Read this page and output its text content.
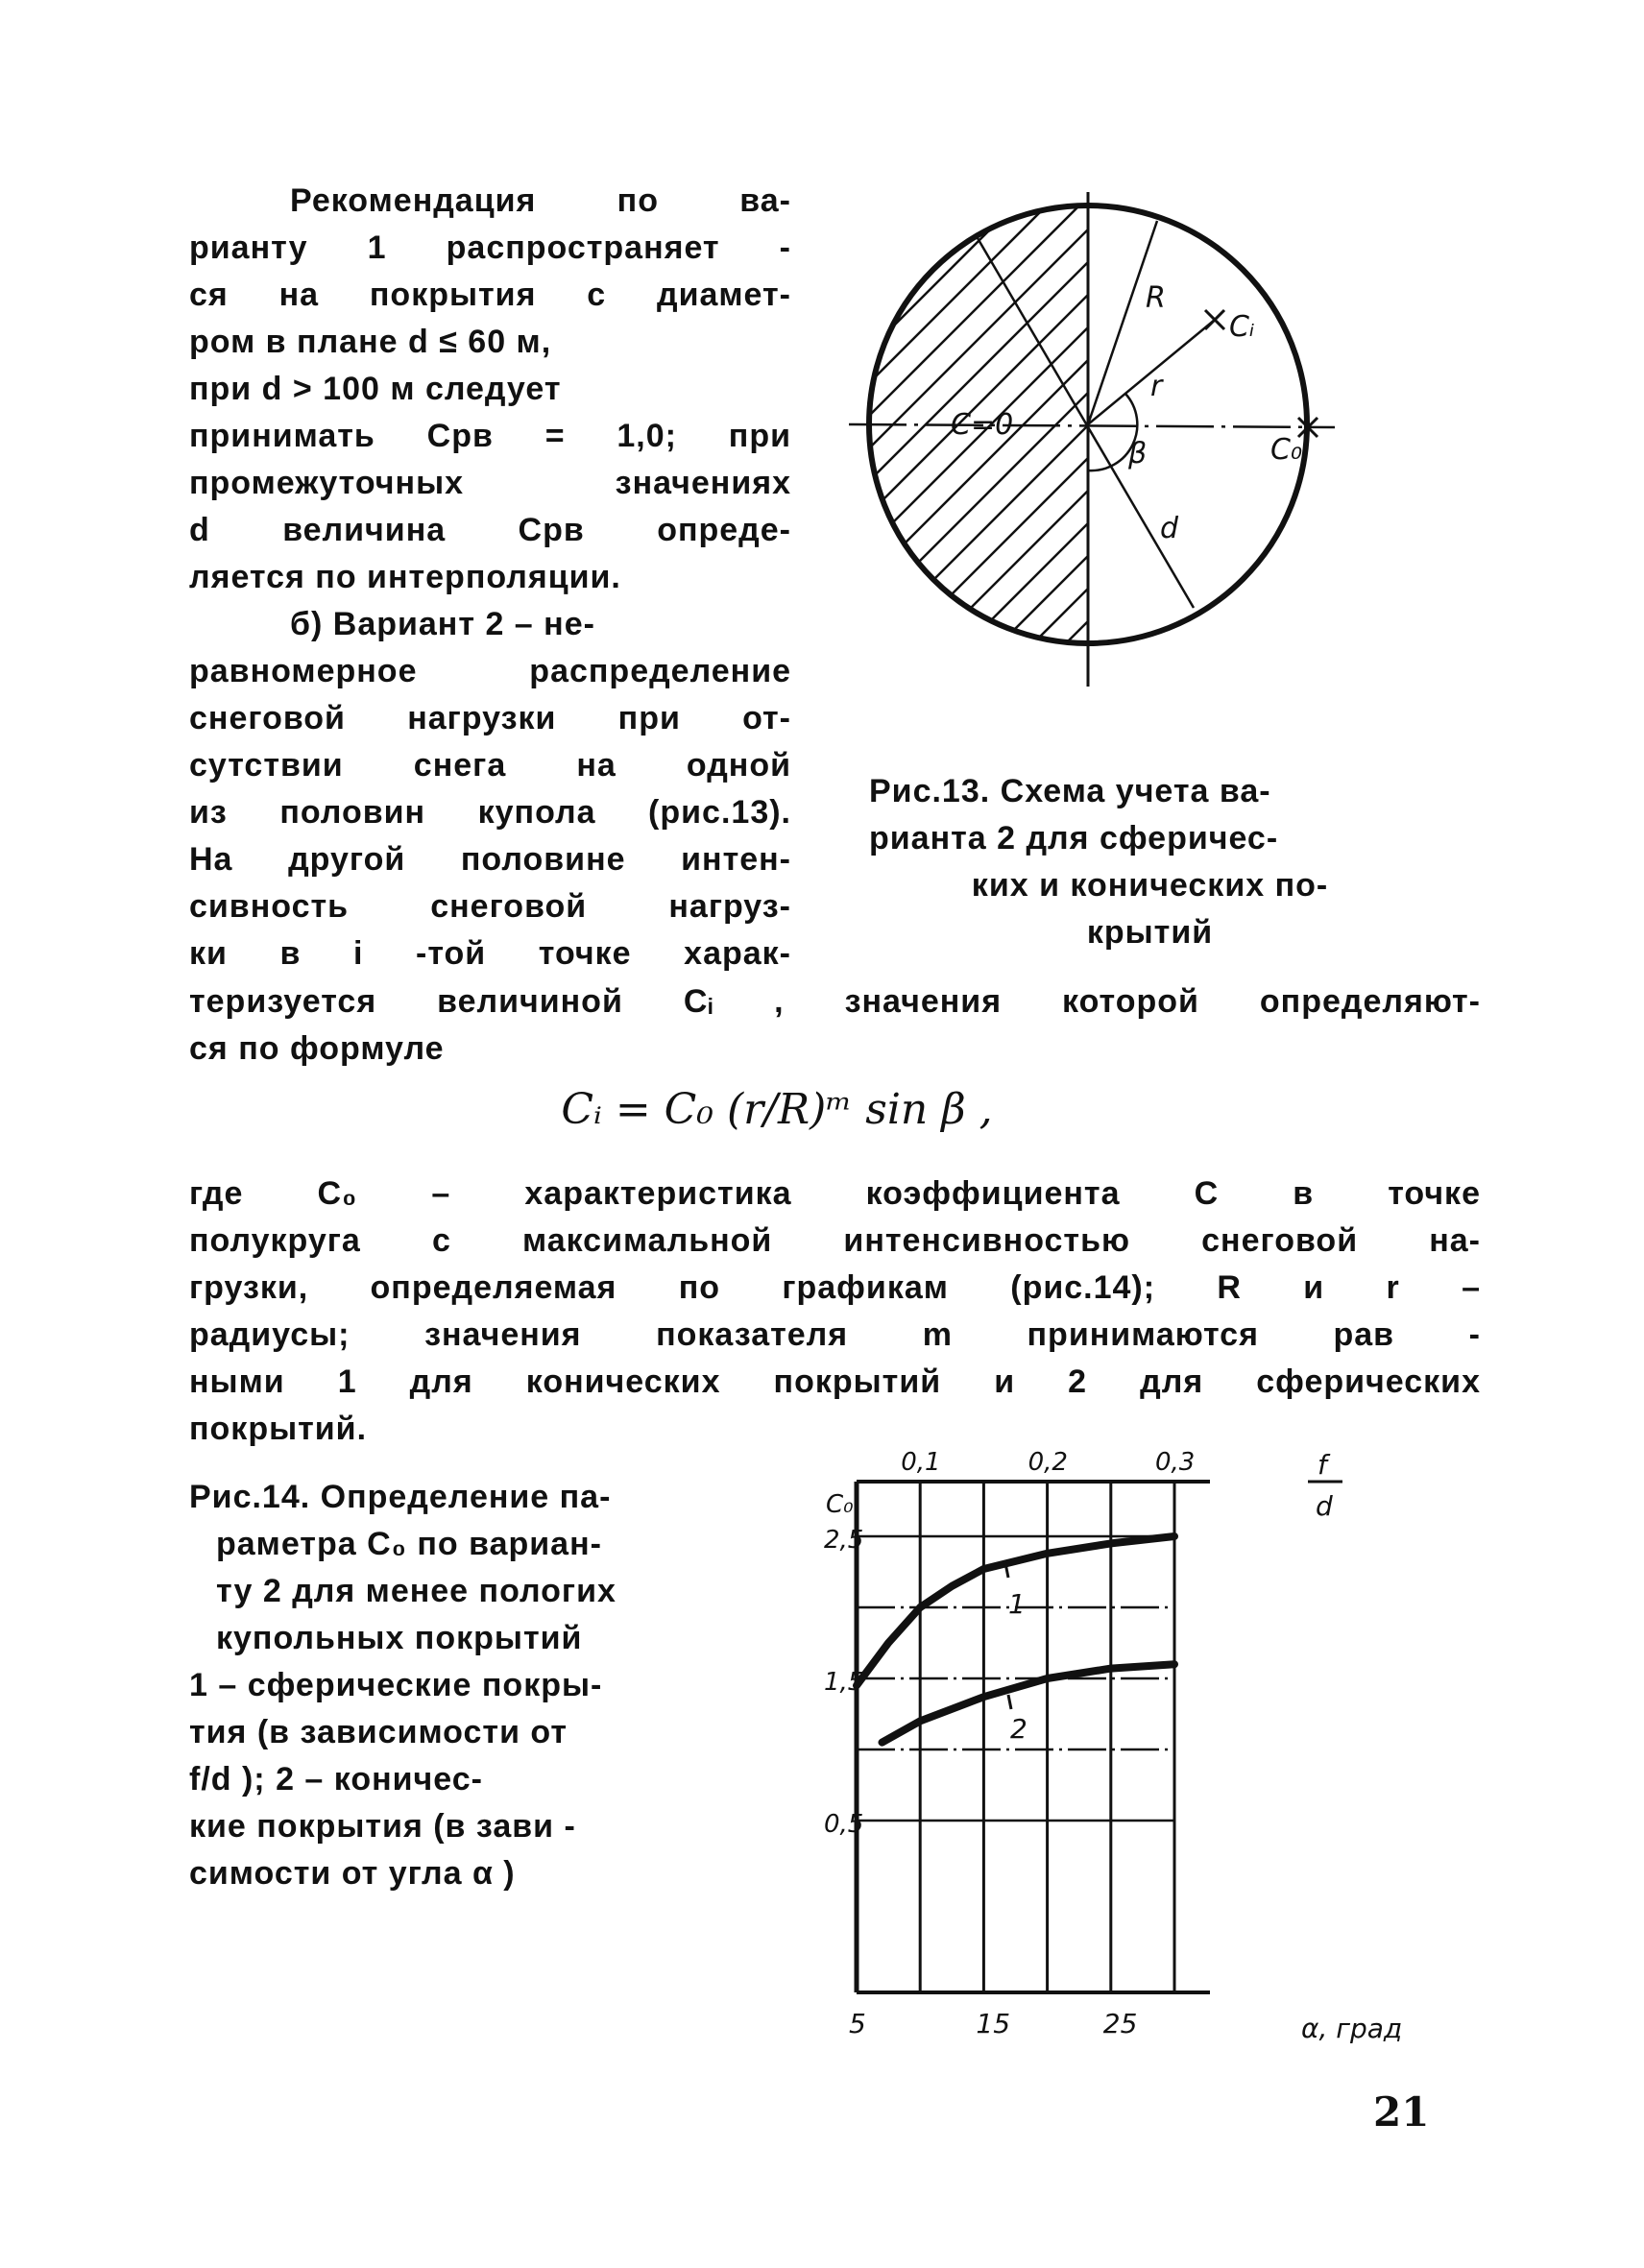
Рекомендация по ва-
рианту 1 распространяет -
ся на покрытия с диамет-
ром в плане d ≤ 60 м,
при d > 100 м следует
принимать Cрв = 1,0; при
промежуточных значениях
d величина Cрв опреде-
ляется по интерполяции.
б) Вариант 2 – не-
равномерное распределение
снеговой нагрузки при от-
сутствии снега на одной
из половин купола (рис.13).
На другой половине интен-
сивность снеговой нагруз-
ки в i -той точке харак-
теризуется величиной Cᵢ , значения которой определяют-
ся по формуле
Cᵢ = C₀ (r/R)ᵐ sin β ,
где C₀ – характеристика коэффициента C в точке
полукруга с максимальной интенсивностью снеговой на-
грузки, определяемая по графикам (рис.14); R и r –
радиусы; значения показателя m принимаются рав -
ными 1 для конических покрытий и 2 для сферических
покрытий.
Рис.13. Схема учета ва-
рианта 2 для сферичес-
ких и конических по-
крытий
Рис.14. Определение па-
раметра C₀ по вариан-
ту 2 для менее пологих
купольных покрытий
1 – сферические покры-
тия (в зависимости от
f/d ); 2 – коничес-
кие покрытия (в зави -
симости от угла α )
21
R
Cᵢ
r
C=0
β	C₀
d
1
2
2,5
1,5
0,5
5	15	25
0,1	0,2	0,3
C₀
α, град
f
d
